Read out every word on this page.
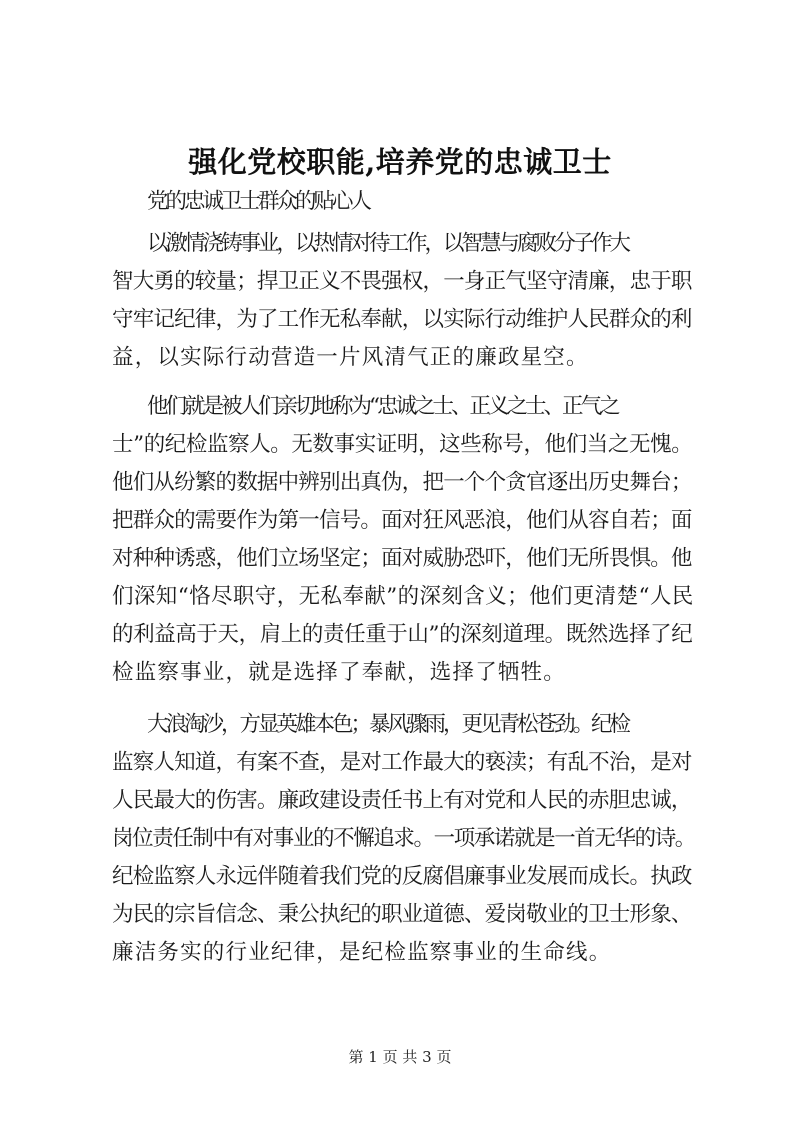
强化党校职能,培养党的忠诚卫士

党的忠诚卫士群众的贴心人

以激情浇铸事业，以热情对待工作，以智慧与腐败分子作大

智大勇的较量；捍卫正义不畏强权，一身正气坚守清廉，忠于职

守牢记纪律，为了工作无私奉献，以实际行动维护人民群众的利

益，以实际行动营造一片风清气正的廉政星空。

他们就是被人们亲切地称为“忠诚之士、正义之士、正气之

士”的纪检监察人。无数事实证明，这些称号，他们当之无愧。

他们从纷繁的数据中辨别出真伪，把一个个贪官逐出历史舞台；

把群众的需要作为第一信号。面对狂风恶浪，他们从容自若；面

对种种诱惑，他们立场坚定；面对威胁恐吓，他们无所畏惧。他

们深知“恪尽职守，无私奉献”的深刻含义；他们更清楚“人民

的利益高于天，肩上的责任重于山”的深刻道理。既然选择了纪

检监察事业，就是选择了奉献，选择了牺牲。

大浪淘沙，方显英雄本色；暴风骤雨，更见青松苍劲。纪检

监察人知道，有案不查，是对工作最大的亵渎；有乱不治，是对

人民最大的伤害。廉政建设责任书上有对党和人民的赤胆忠诚，

岗位责任制中有对事业的不懈追求。一项承诺就是一首无华的诗。

纪检监察人永远伴随着我们党的反腐倡廉事业发展而成长。执政

为民的宗旨信念、秉公执纪的职业道德、爱岗敬业的卫士形象、

廉洁务实的行业纪律，是纪检监察事业的生命线。

第 1 页 共 3 页
